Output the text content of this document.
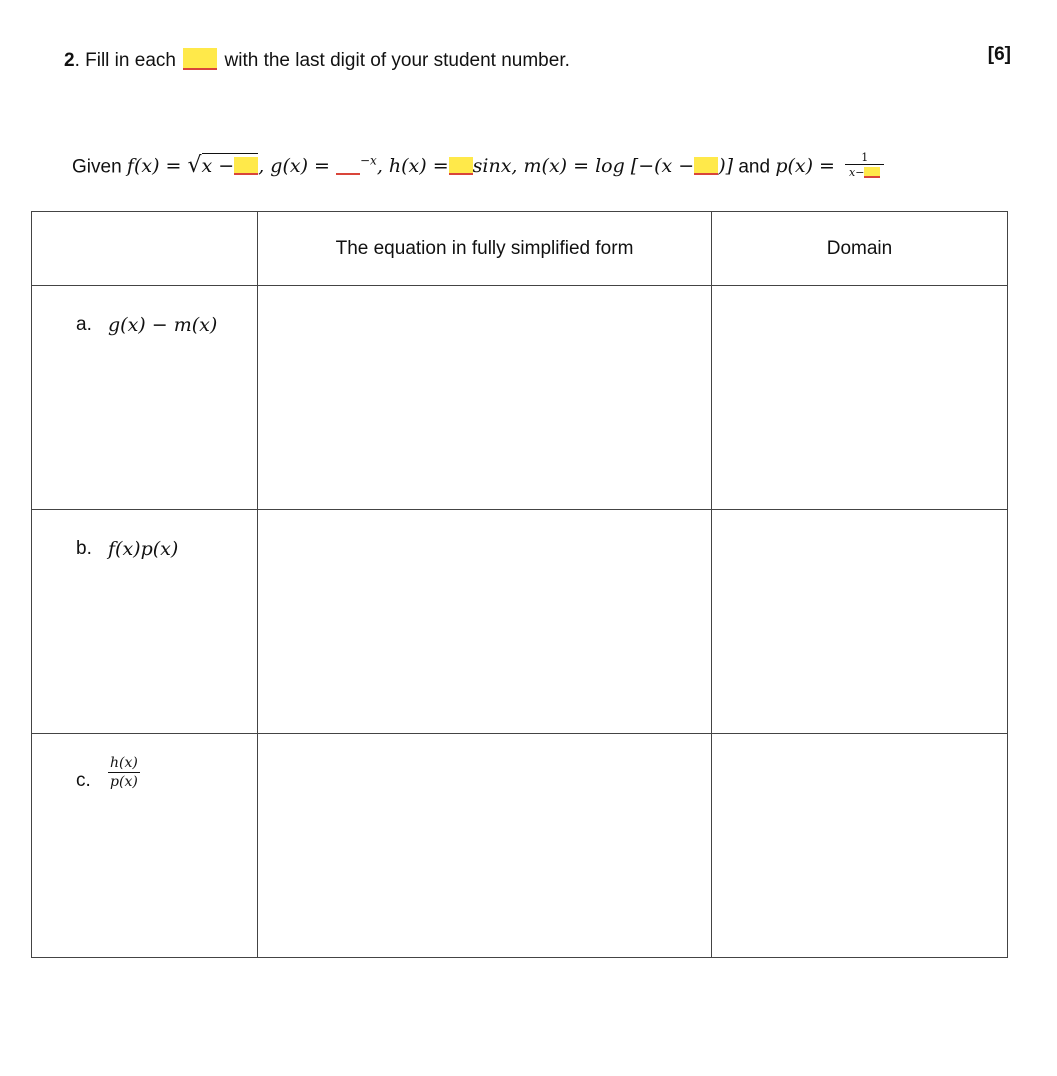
2. Fill in each	with the last digit of your student number.	[6]
Given f(x) = √x − , g(x) = $^{-x}$, h(x) = sinx, m(x) = log [−(x − )] and $p(x) = \frac{1}{x-}$
	The equation in fully simplified form	Domain

a. g(x) − m(x)		

b. f(x)p(x)		

c.
h(x)
p(x)		
